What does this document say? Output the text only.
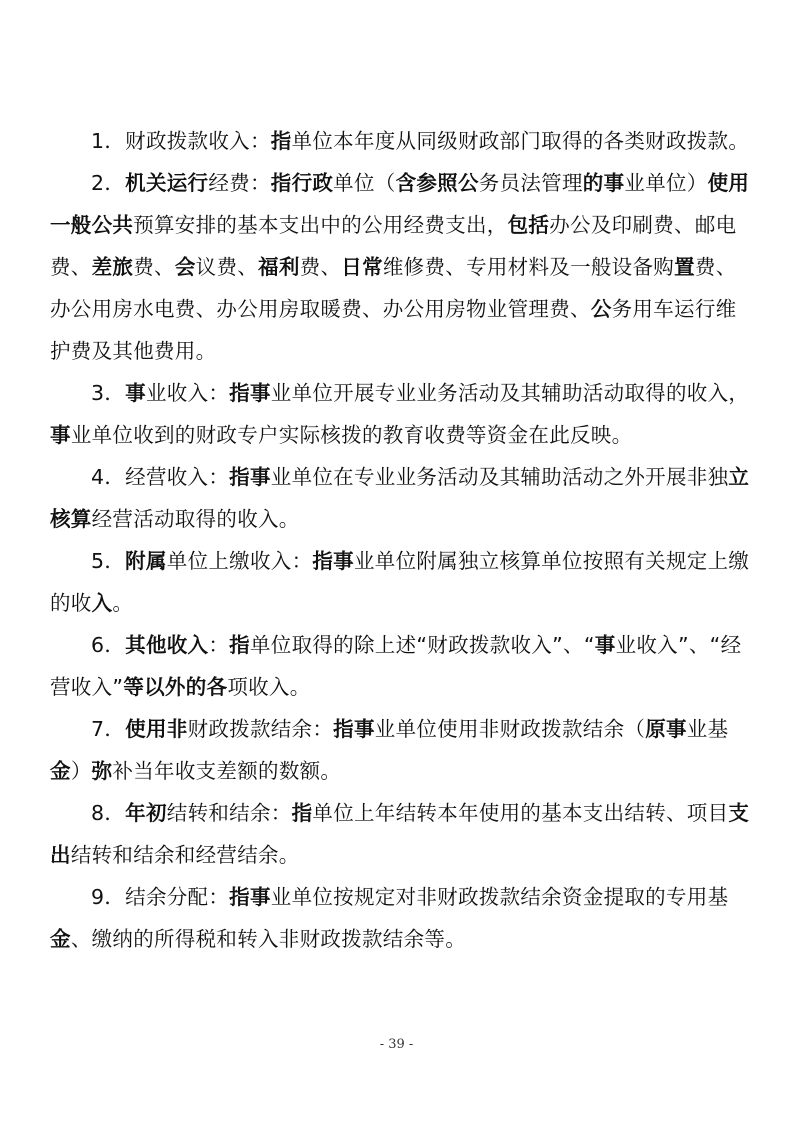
1．财政拨款收入：指单位本年度从同级财政部门取得的各类财政拨款。

2．机关运行经费：指行政单位（含参照公务员法管理的事业单位）使用一般公共预算安排的基本支出中的公用经费支出，包括办公及印刷费、邮电费、差旅费、会议费、福利费、日常维修费、专用材料及一般设备购置费、办公用房水电费、办公用房取暖费、办公用房物业管理费、公务用车运行维护费及其他费用。

3．事业收入：指事业单位开展专业业务活动及其辅助活动取得的收入，事业单位收到的财政专户实际核拨的教育收费等资金在此反映。

4．经营收入：指事业单位在专业业务活动及其辅助活动之外开展非独立核算经营活动取得的收入。

5．附属单位上缴收入：指事业单位附属独立核算单位按照有关规定上缴的收入。

6．其他收入：指单位取得的除上述“财政拨款收入”、“事业收入”、“经营收入”等以外的各项收入。

7．使用非财政拨款结余：指事业单位使用非财政拨款结余（原事业基金）弥补当年收支差额的数额。

8．年初结转和结余：指单位上年结转本年使用的基本支出结转、项目支出结转和结余和经营结余。

9．结余分配：指事业单位按规定对非财政拨款结余资金提取的专用基金、缴纳的所得税和转入非财政拨款结余等。

- 39 -
